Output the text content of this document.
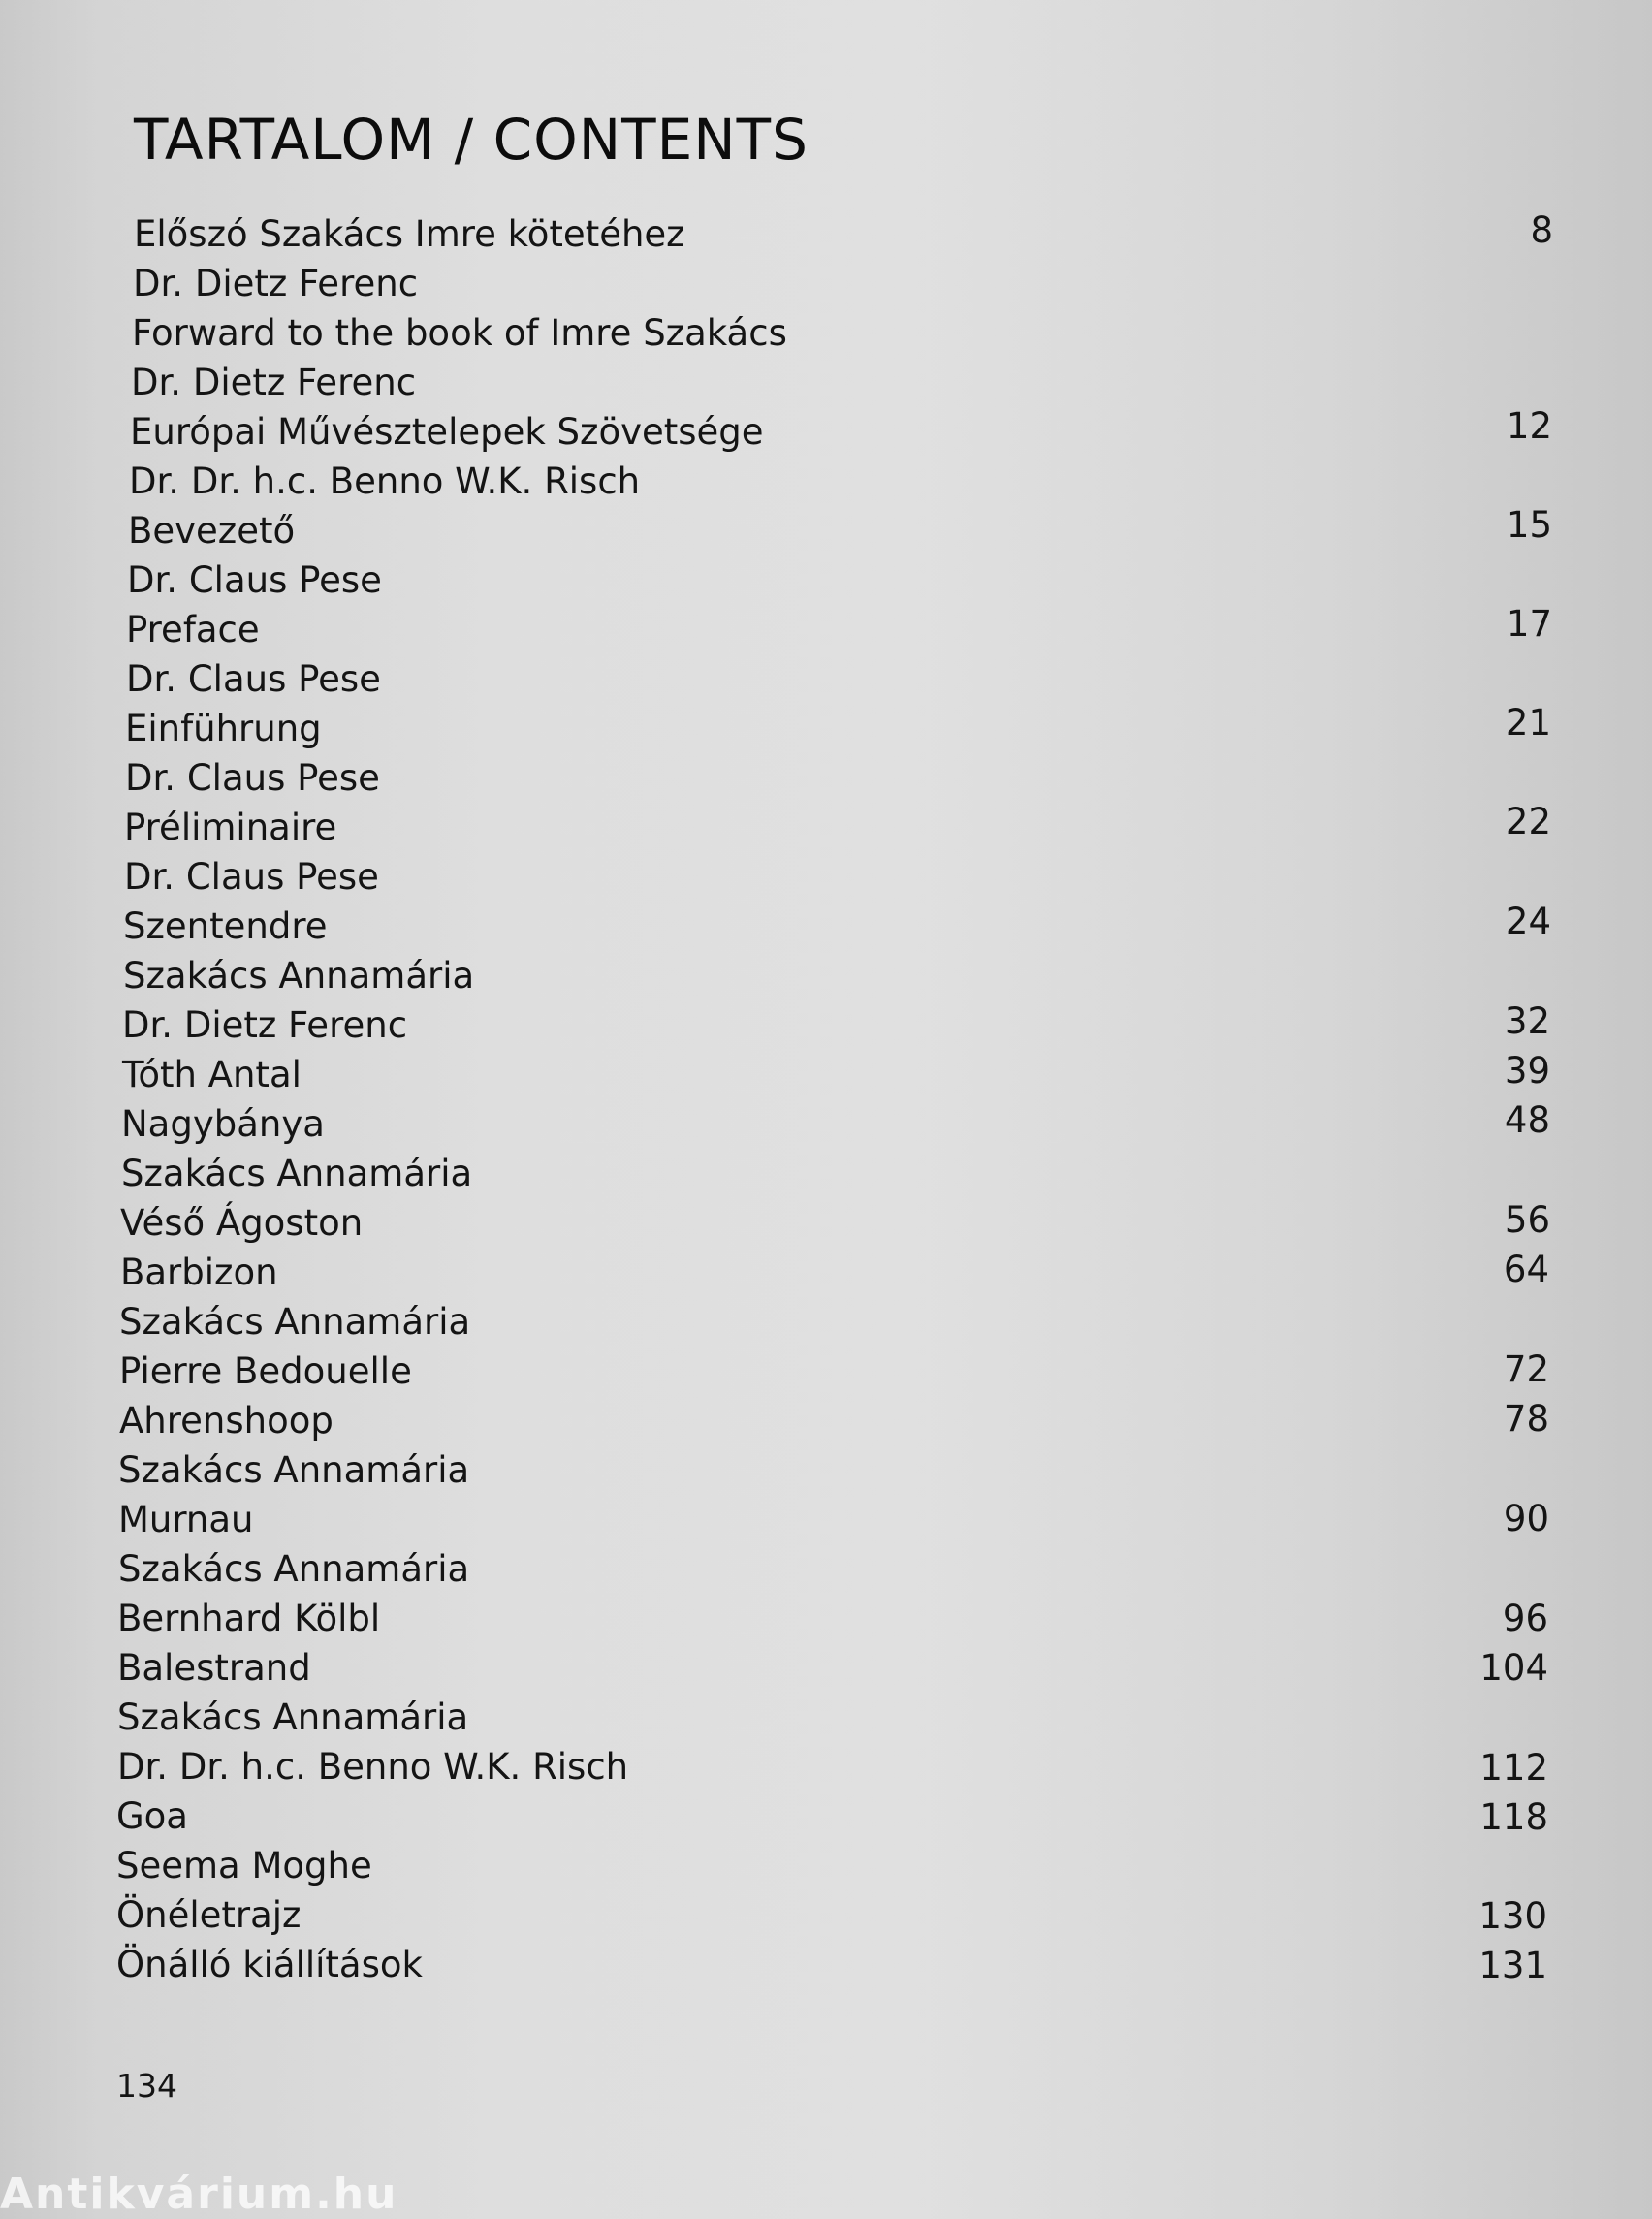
TARTALOM / CONTENTS
Előszó Szakács Imre kötetéhez	8
Dr. Dietz Ferenc
Forward to the book of Imre Szakács
Dr. Dietz Ferenc
Európai Művésztelepek Szövetsége	12
Dr. Dr. h.c. Benno W.K. Risch
Bevezető	15
Dr. Claus Pese
Preface	17
Dr. Claus Pese
Einführung	21
Dr. Claus Pese
Préliminaire	22
Dr. Claus Pese
Szentendre	24
Szakács Annamária
Dr. Dietz Ferenc	32
Tóth Antal	39
Nagybánya	48
Szakács Annamária
Véső Ágoston	56
Barbizon	64
Szakács Annamária
Pierre Bedouelle	72
Ahrenshoop	78
Szakács Annamária
Murnau	90
Szakács Annamária
Bernhard Kölbl	96
Balestrand	104
Szakács Annamária
Dr. Dr. h.c. Benno W.K. Risch	112
Goa	118
Seema Moghe
Önéletrajz	130
Önálló kiállítások	131
134
Antikvárium.hu
